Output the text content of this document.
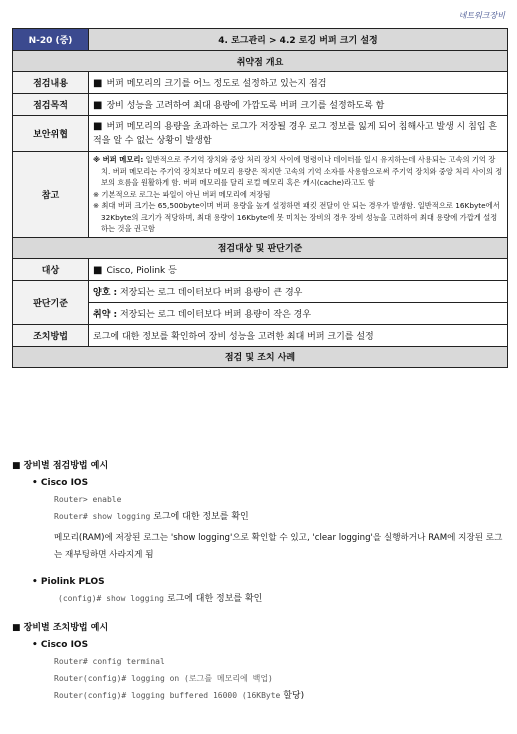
네트워크장비
N-20 (중)	4. 로그관리 > 4.2 로깅 버퍼 크기 설정
취약점 개요	
점검내용	■ 버퍼 메모리의 크기를 어느 정도로 설정하고 있는지 점검
점검목적	■ 장비 성능을 고려하여 최대 용량에 가깝도록 버퍼 크기를 설정하도록 함
보안위협	■ 버퍼 메모리의 용량을 초과하는 로그가 저장될 경우 로그 정보를 잃게 되어 침해사고 발생 시 침입 흔적을 알 수 없는 상황이 발생함
참고	※ 버퍼 메모리: 일반적으로 주기억 장치와 중앙 처리 장치 사이에 명령이나 데이터를 일시 유지하는데 사용되는 고속의 기억 장치. 버퍼 메모리는 주기억 장치보다 메모리 용량은 적지만 고속의 기억 소자를 사용함으로써 주기억 장치와 중앙 처리 사이의 정보의 흐름을 원활하게 함. 버퍼 메모리를 달리 로컬 메모리 혹은 캐시(cache)라고도 함

※ 기본적으로 로그는 파일이 아닌 버퍼 메모리에 저장됨

※ 최대 버퍼 크기는 65,500byte이며 버퍼 용량을 높게 설정하면 패킷 전달이 안 되는 경우가 발생함. 일반적으로 16Kbyte에서 32Kbyte의 크기가 적당하며, 최대 용량이 16Kbyte에 못 미치는 장비의 경우 장비 성능을 고려하여 최대 용량에 가깝게 설정하는 것을 권고함

점검대상 및 판단기준	
대상	■ Cisco, Piolink 등
판단기준	양호 : 저장되는 로그 데이터보다 버퍼 용량이 큰 경우
	취약 : 저장되는 로그 데이터보다 버퍼 용량이 작은 경우
조치방법	로그에 대한 정보를 확인하여 장비 성능을 고려한 최대 버퍼 크기를 설정
점검 및 조치 사례	

■ 장비별 점검방법 예시

• Cisco IOS

Router> enable

Router# show logging 로그에 대한 정보를 확인

메모리(RAM)에 저장된 로그는 'show logging'으로 확인할 수 있고, 'clear logging'을 실행하거나 RAM에 지장된 로그는 재부팅하면 사라지게 됨

• Piolink PLOS

(config)# show logging 로그에 대한 정보를 확인

■ 장비별 조치방법 예시

• Cisco IOS

Router# config terminal

Router(config)# logging on (로그를 메모리에 백업)

Router(config)# logging buffered 16000 (16KByte 할당)
